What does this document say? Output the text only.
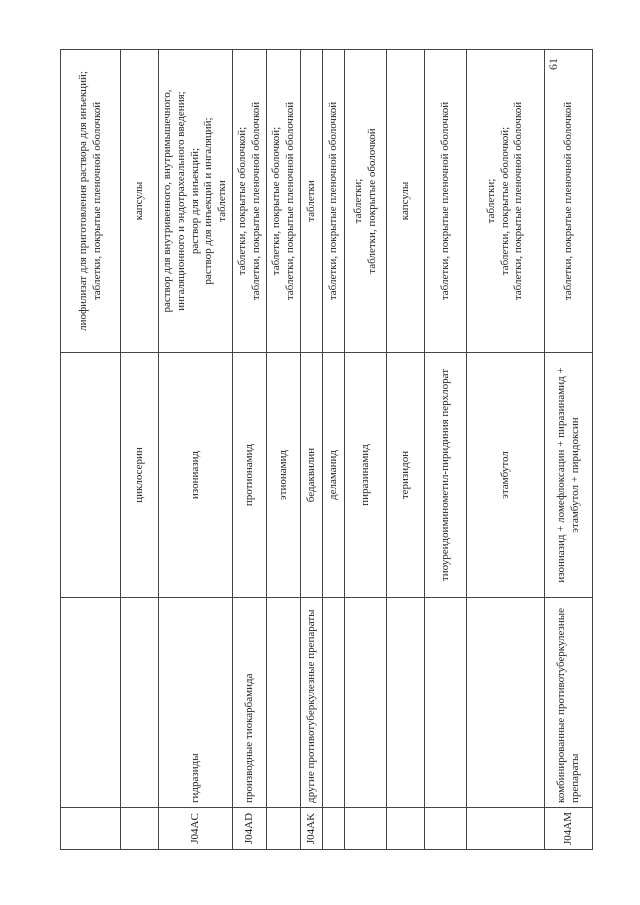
			лиофилизат для приготовления раствора для инъекций;
таблетки, покрытые пленочной оболочкой
		циклосерин	капсулы
J04AC	гидразиды	изониазид	раствор для внутривенного, внутримышечного, ингаляционного и эндотрахеального введения;
раствор для инъекций;
раствор для инъекций и ингаляций;
таблетки
J04AD	производные тиокарбамида	протионамид	таблетки, покрытые оболочкой;
таблетки, покрытые пленочной оболочкой
		этионамид	таблетки, покрытые оболочкой;
таблетки, покрытые пленочной оболочкой
J04AK	другие противотуберкулезные препараты	бедаквилин	таблетки
		деламанид	таблетки, покрытые пленочной оболочкой
		пиразинамид	таблетки;
таблетки, покрытые оболочкой
		теризидон	капсулы
		тиоуреидоиминометил-пиридиния перхлорат	таблетки, покрытые пленочной оболочкой
		этамбутол	таблетки;
таблетки, покрытые оболочкой;
таблетки, покрытые пленочной оболочкой
J04AM	комбинированные противотуберкулезные препараты	изониазид + ломефлоксацин + пиразинамид + этамбутол + пиридоксин	таблетки, покрытые пленочной оболочкой
61
